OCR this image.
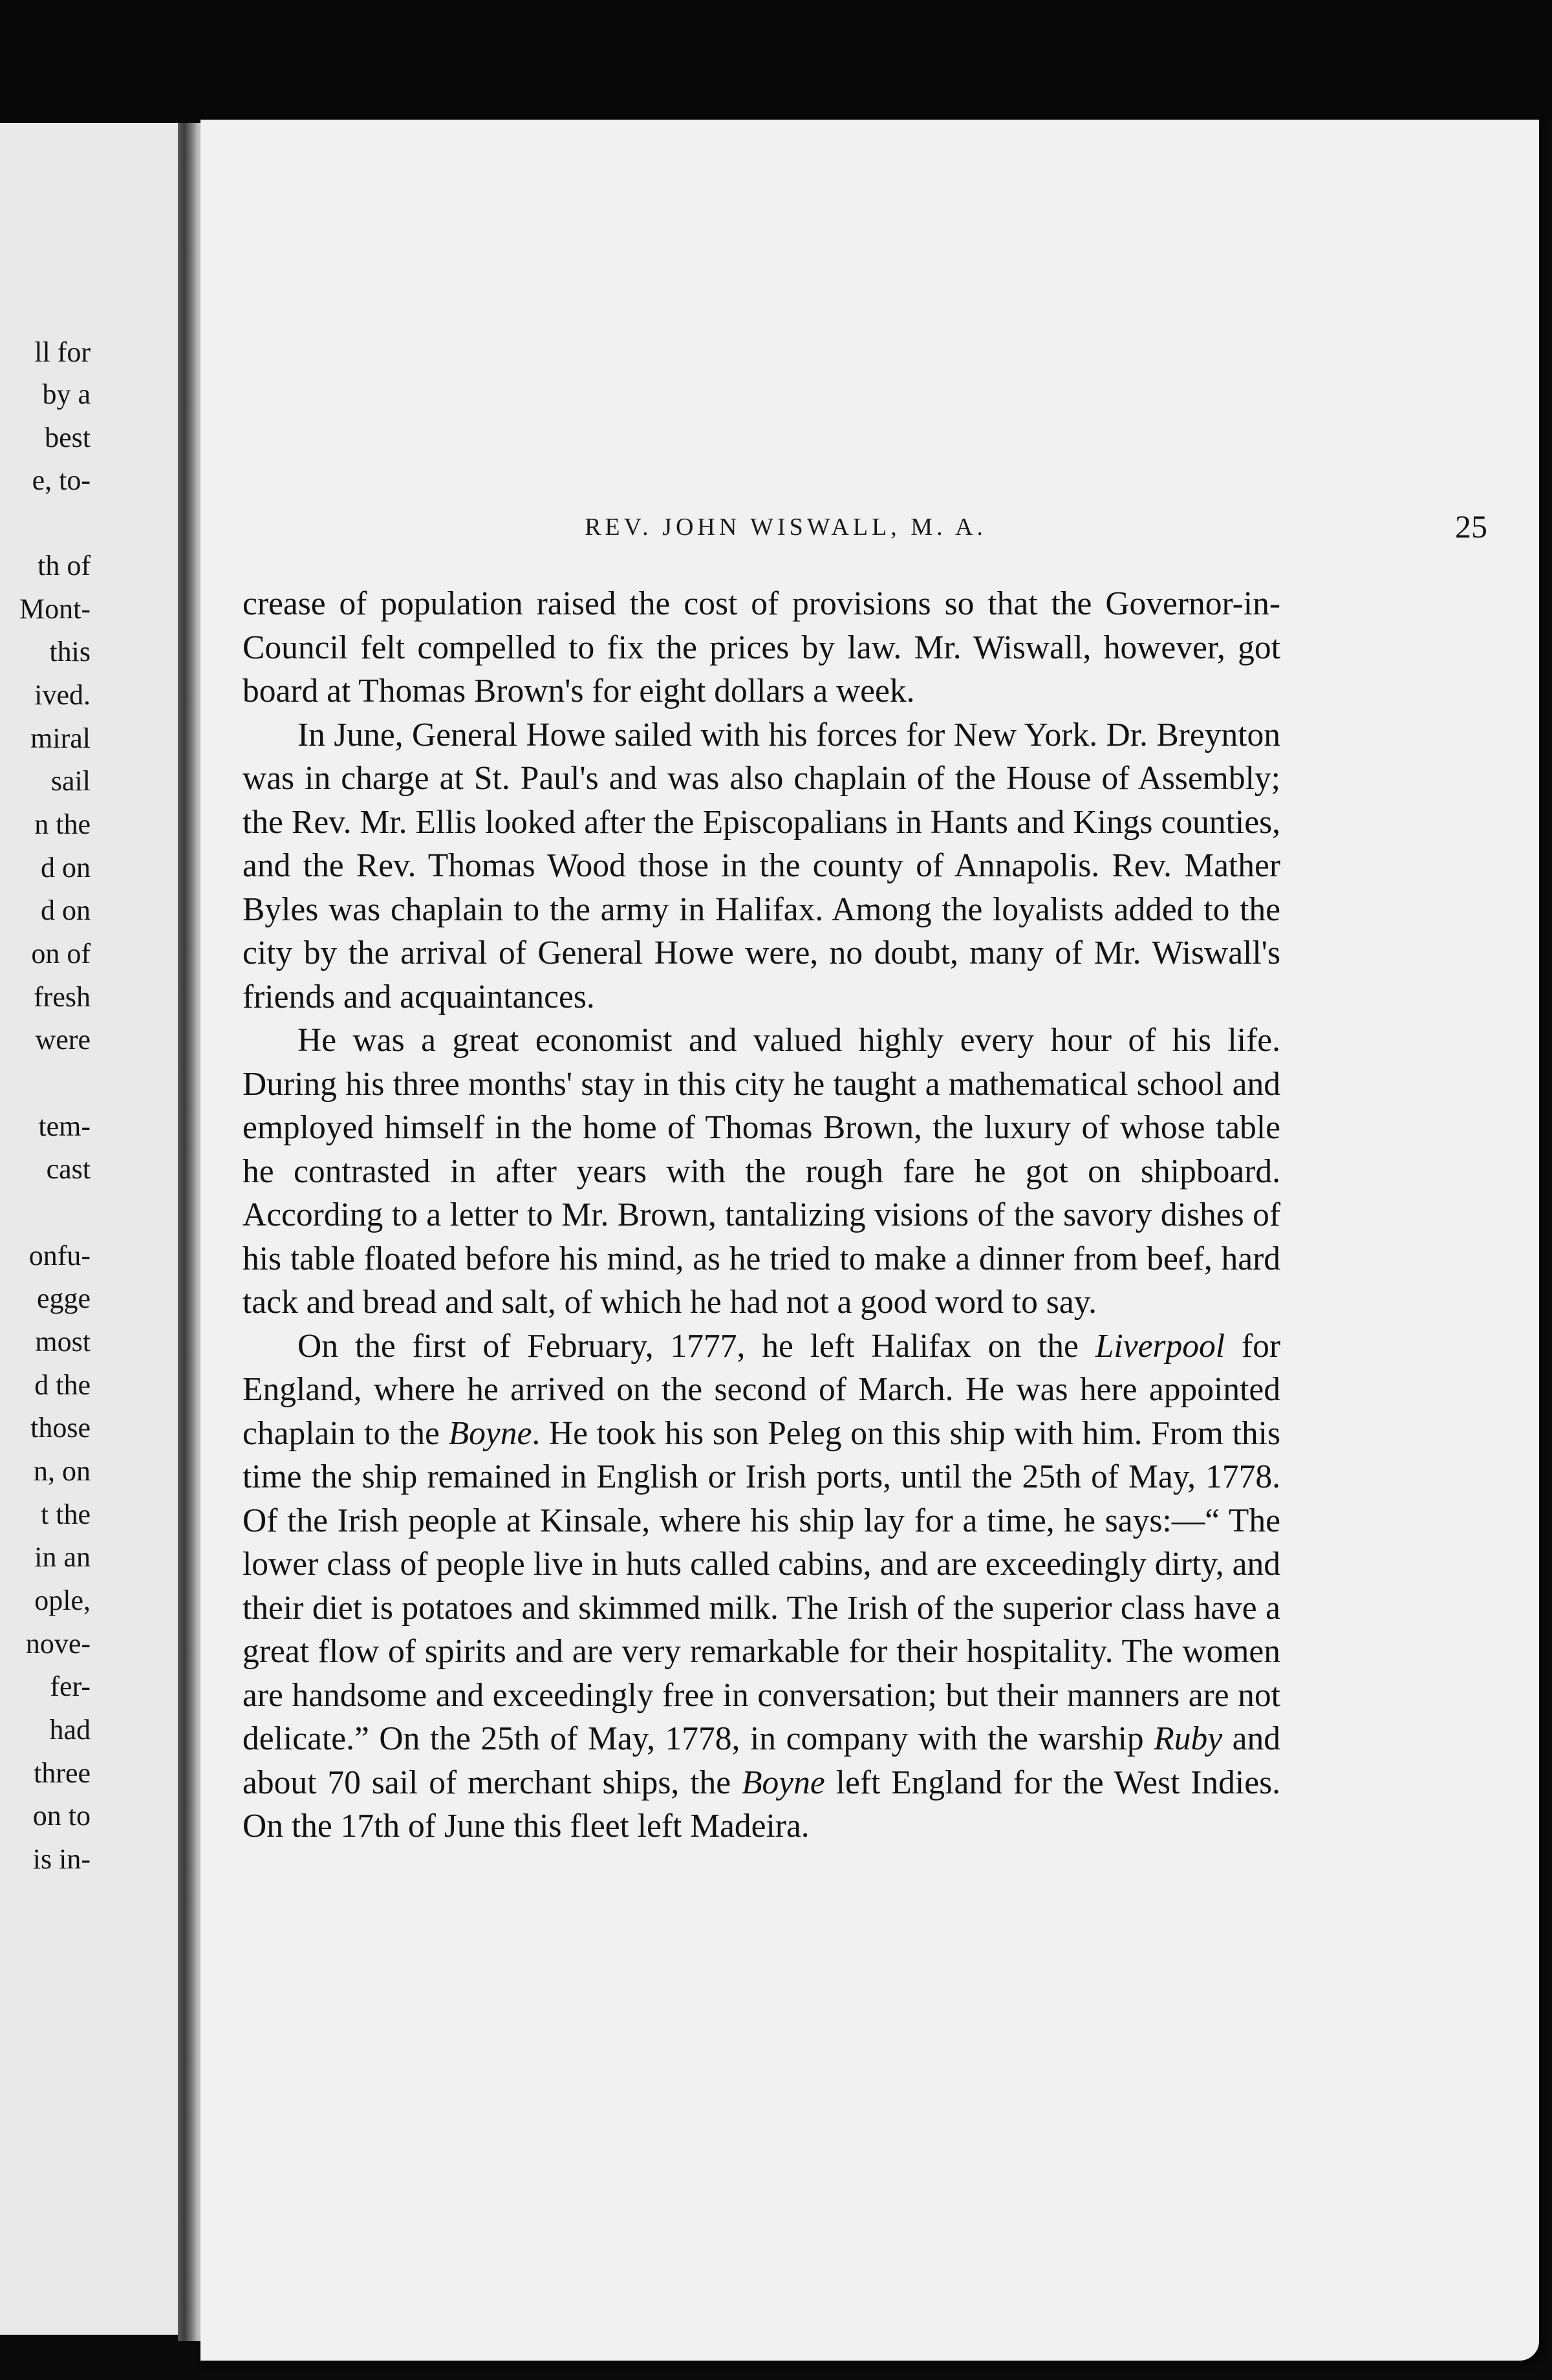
ll for
by a
best
e, to-
th of
Mont-
this
ived.
miral
sail
n the
d on
d on
on of
fresh
were
tem-
cast
onfu-
egge
most
d the
those
n, on
t the
in an
ople,
nove-
fer-
had
three
on to
is in-
REV. JOHN WISWALL, M. A.	25

crease of population raised the cost of provisions so that the Governor-in-Council felt compelled to fix the prices by law. Mr. Wiswall, however, got board at Thomas Brown's for eight dollars a week.

In June, General Howe sailed with his forces for New York. Dr. Breynton was in charge at St. Paul's and was also chaplain of the House of Assembly; the Rev. Mr. Ellis looked after the Episcopalians in Hants and Kings counties, and the Rev. Thomas Wood those in the county of Annapolis. Rev. Mather Byles was chaplain to the army in Halifax. Among the loyalists added to the city by the arrival of General Howe were, no doubt, many of Mr. Wiswall's friends and acquaintances.

He was a great economist and valued highly every hour of his life. During his three months' stay in this city he taught a mathematical school and employed himself in the home of Thomas Brown, the luxury of whose table he contrasted in after years with the rough fare he got on shipboard. According to a letter to Mr. Brown, tantalizing visions of the savory dishes of his table floated before his mind, as he tried to make a dinner from beef, hard tack and bread and salt, of which he had not a good word to say.

On the first of February, 1777, he left Halifax on the Liverpool for England, where he arrived on the second of March. He was here appointed chaplain to the Boyne. He took his son Peleg on this ship with him. From this time the ship remained in English or Irish ports, until the 25th of May, 1778. Of the Irish people at Kinsale, where his ship lay for a time, he says:—“ The lower class of people live in huts called cabins, and are exceedingly dirty, and their diet is potatoes and skimmed milk. The Irish of the superior class have a great flow of spirits and are very remarkable for their hospitality. The women are handsome and exceedingly free in conversation; but their manners are not delicate.” On the 25th of May, 1778, in company with the warship Ruby and about 70 sail of merchant ships, the Boyne left England for the West Indies. On the 17th of June this fleet left Madeira.
